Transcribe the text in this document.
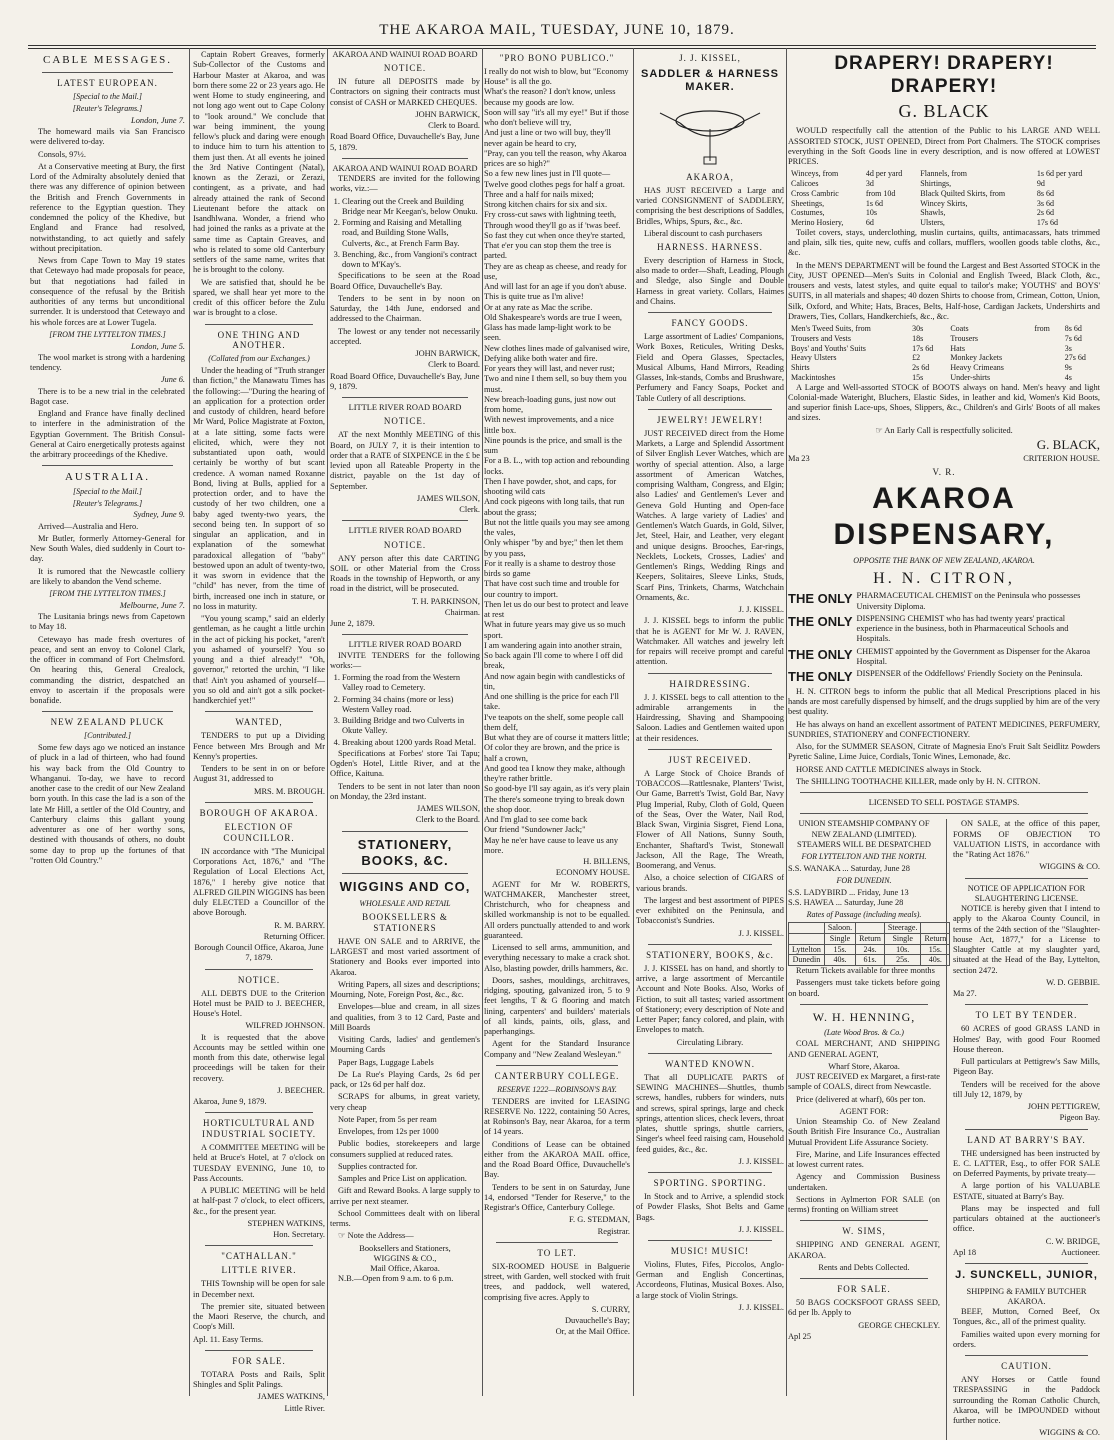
THE AKAROA MAIL, TUESDAY, JUNE 10, 1879.
CABLE MESSAGES.
LATEST EUROPEAN.
[Special to the Mail.]
[Reuter's Telegrams.]
London, June 7.

The homeward mails via San Francisco were delivered to-day.

Consols, 97½.

At a Conservative meeting at Bury, the first Lord of the Admiralty absolutely denied that there was any difference of opinion between the British and French Governments in reference to the Egyptian question. They condemned the policy of the Khedive, but England and France had resolved, notwithstanding, to act quietly and safely without precipitation.

News from Cape Town to May 19 states that Cetewayo had made proposals for peace, but that negotiations had failed in consequence of the refusal by the British authorities of any terms but unconditional surrender. It is understood that Cetewayo and his whole forces are at Lower Tugela.

[FROM THE LYTTELTON TIMES.]
London, June 5.

The wool market is strong with a hardening tendency.

June 6.

There is to be a new trial in the celebrated Bagot case.

England and France have finally declined to interfere in the administration of the Egyptian Government. The British Consul-General at Cairo energetically protests against the arbitrary proceedings of the Khedive.

AUSTRALIA.
[Special to the Mail.]
[Reuter's Telegrams.]
Sydney, June 9.

Arrived—Australia and Hero.

Mr Butler, formerly Attorney-General for New South Wales, died suddenly in Court to-day.

It is rumored that the Newcastle colliery are likely to abandon the Vend scheme.

[FROM THE LYTTELTON TIMES.]
Melbourne, June 7.

The Lusitania brings news from Capetown to May 18.

Cetewayo has made fresh overtures of peace, and sent an envoy to Colonel Clark, the officer in command of Fort Chelmsford. On hearing this, General Crealock, commanding the district, despatched an envoy to ascertain if the proposals were bonafide.

NEW ZEALAND PLUCK
[Contributed.]

Some few days ago we noticed an instance of pluck in a lad of thirteen, who had found his way back from the Old Country to Whanganui. To-day, we have to record another case to the credit of our New Zealand born youth. In this case the lad is a son of the late Mr Hill, a settler of the Old Country, and Canterbury claims this gallant young adventurer as one of her worthy sons, destined with thousands of others, no doubt some day to prop up the fortunes of that "rotten Old Country."

Captain Robert Greaves, formerly Sub-Collector of the Customs and Harbour Master at Akaroa, and was born there some 22 or 23 years ago. He went Home to study engineering, and not long ago went out to Cape Colony to "look around." We conclude that war being imminent, the young fellow's pluck and daring were enough to induce him to turn his attention to them just then. At all events he joined the 3rd Native Contingent (Natal), known as the Zerazi, or Zerazi, contingent, as a private, and had already attained the rank of Second Lieutenant before the attack on Isandhlwana. Wonder, a friend who had joined the ranks as a private at the same time as Captain Greaves, and who is related to some old Canterbury settlers of the same name, writes that he is brought to the colony.

We are satisfied that, should he be spared, we shall hear yet more to the credit of this officer before the Zulu war is brought to a close.

ONE THING AND ANOTHER.
(Collated from our Exchanges.)

Under the heading of "Truth stranger than fiction," the Manawatu Times has the following:—"During the hearing of an application for a protection order and custody of children, heard before Mr Ward, Police Magistrate at Foxton, at a late sitting, some facts were elicited, which, were they not substantiated upon oath, would certainly be worthy of but scant credence. A woman named Roxanne Bond, living at Bulls, applied for a protection order, and to have the custody of her two children, one a baby aged twenty-two years, the second being ten. In support of so singular an application, and in explanation of the somewhat paradoxical allegation of "baby" bestowed upon an adult of twenty-two, it was sworn in evidence that the "child" has never, from the time of birth, increased one inch in stature, or no loss in maturity.

"You young scamp," said an elderly gentleman, as he caught a little urchin in the act of picking his pocket, "aren't you ashamed of yourself? You so young and a thief already!" "Oh, governor," retorted the urchin, "I like that! Ain't you ashamed of yourself—you so old and ain't got a silk pocket-handkerchief yet!"

WANTED,

TENDERS to put up a Dividing Fence between Mrs Brough and Mr Kenny's properties.

Tenders to be sent in on or before August 31, addressed to

MRS. M. BROUGH.
BOROUGH OF AKAROA.
ELECTION OF COUNCILLOR.

IN accordance with "The Municipal Corporations Act, 1876," and "The Regulation of Local Elections Act, 1876," I hereby give notice that ALFRED GILPIN WIGGINS has been duly ELECTED a Councillor of the above Borough.

R. M. BARRY.
Returning Officer.
Borough Council Office, Akaroa, June 7, 1879.
NOTICE.

ALL DEBTS DUE to the Criterion Hotel must be PAID to J. BEECHER, House's Hotel.

WILFRED JOHNSON.

It is requested that the above Accounts may be settled within one month from this date, otherwise legal proceedings will be taken for their recovery.

J. BEECHER.
Akaroa, June 9, 1879.
HORTICULTURAL AND INDUSTRIAL SOCIETY.

A COMMITTEE MEETING will be held at Bruce's Hotel, at 7 o'clock on TUESDAY EVENING, June 10, to Pass Accounts.

A PUBLIC MEETING will be held at half-past 7 o'clock, to elect officers, &c., for the present year.

STEPHEN WATKINS,
Hon. Secretary.
"CATHALLAN."
LITTLE RIVER.

THIS Township will be open for sale in December next.

The premier site, situated between the Maori Reserve, the church, and Coop's Mill.

Apl. 11. Easy Terms.
FOR SALE.

TOTARA Posts and Rails, Split Shingles and Split Palings.

JAMES WATKINS,
Little River.
AKAROA AND WAINUI ROAD BOARD
NOTICE.

IN future all DEPOSITS made by Contractors on signing their contracts must consist of CASH or MARKED CHEQUES.

JOHN BARWICK,
Clerk to Board.
Road Board Office, Duvauchelle's Bay, June 5, 1879.
AKAROA AND WAINUI ROAD BOARD

TENDERS are invited for the following works, viz.:—

1. Clearing out the Creek and Building Bridge near Mr Keegan's, below Onuku.
2. Forming and Raising and Metalling road, and Building Stone Walls, Culverts, &c., at French Farm Bay.
3. Benching, &c., from Vangioni's contract down to M'Kay's.

Specifications to be seen at the Road Board Office, Duvauchelle's Bay.

Tenders to be sent in by noon on Saturday, the 14th June, endorsed and addressed to the Chairman.

The lowest or any tender not necessarily accepted.

JOHN BARWICK,
Clerk to Board.
Road Board Office, Duvauchelle's Bay, June 9, 1879.
LITTLE RIVER ROAD BOARD
NOTICE.

AT the next Monthly MEETING of this Board, on JULY 7, it is their intention to order that a RATE of SIXPENCE in the £ be levied upon all Rateable Property in the district, payable on the 1st day of September.

JAMES WILSON,
Clerk.
LITTLE RIVER ROAD BOARD
NOTICE.

ANY person after this date CARTING SOIL or other Material from the Cross Roads in the township of Hepworth, or any road in the district, will be prosecuted.

T. H. PARKINSON,
Chairman.
June 2, 1879.
LITTLE RIVER ROAD BOARD

INVITE TENDERS for the following works:—

1. Forming the road from the Western Valley road to Cemetery.
2. Forming 34 chains (more or less) Western Valley road.
3. Building Bridge and two Culverts in Okute Valley.
4. Breaking about 1200 yards Road Metal.

Specifications at Forbes' store Tai Tapu; Ogden's Hotel, Little River, and at the Office, Kaituna.

Tenders to be sent in not later than noon on Monday, the 23rd instant.

JAMES WILSON,
Clerk to the Board.
STATIONERY, BOOKS, &C.
WIGGINS AND CO,
WHOLESALE AND RETAIL
BOOKSELLERS & STATIONERS

HAVE ON SALE and to ARRIVE, the LARGEST and most varied assortment of Stationery and Books ever imported into Akaroa.

Writing Papers, all sizes and descriptions; Mourning, Note, Foreign Post, &c., &c.

Envelopes—blue and cream, in all sizes and qualities, from 3 to 12 Card, Paste and Mill Boards

Visiting Cards, ladies' and gentlemen's Mourning Cards

Paper Bags, Luggage Labels

De La Rue's Playing Cards, 2s 6d per pack, or 12s 6d per half doz.

SCRAPS for albums, in great variety, very cheap

Note Paper, from 5s per ream

Envelopes, from 12s per 1000

Public bodies, storekeepers and large consumers supplied at reduced rates.

Supplies contracted for.

Samples and Price List on application.

Gift and Reward Books. A large supply to arrive per next steamer.

School Committees dealt with on liberal terms.

☞ Note the Address—

Booksellers and Stationers,
WIGGINS & CO.,
Mail Office, Akaroa.

N.B.—Open from 9 a.m. to 6 p.m.

"PRO BONO PUBLICO."
I really do not wish to blow, but "Economy House" is all the go.
What's the reason? I don't know, unless because my goods are low.
Soon will say "it's all my eye!" But if those who don't believe will try,
And just a line or two will buy, they'll never again be heard to cry,
"Pray, can you tell the reason, why Akaroa prices are so high?"
So a few new lines just in I'll quote—
Twelve good clothes pegs for half a groat.
Three and a half for nails mixed;
Strong kitchen chairs for six and six.
Fry cross-cut saws with lightning teeth,
Through wood they'll go as if 'twas beef.
So fast they cut when once they're started,
That e'er you can stop them the tree is parted.
They are as cheap as cheese, and ready for use,
And will last for an age if you don't abuse.
This is quite true as I'm alive!
Or at any rate as Mac the scribe.
Old Shakespeare's words are true I ween,
Glass has made lamp-light work to be seen.
New clothes lines made of galvanised wire,
Defying alike both water and fire.
For years they will last, and never rust;
Two and nine I them sell, so buy them you must.
New breach-loading guns, just now out from home,
With newest improvements, and a nice little box.
Nine pounds is the price, and small is the sum
For a B. L., with top action and rebounding locks.
Then I have powder, shot, and caps, for shooting wild cats
And cock pigeons with long tails, that run about the grass;
But not the little quails you may see among the vales,
Only whisper "by and bye;" then let them by you pass,
For it really is a shame to destroy those birds so game
That have cost such time and trouble for our country to import.
Then let us do our best to protect and leave at rest
What in future years may give us so much sport.
I am wandering again into another strain,
So back again I'll come to where I off did break,
And now again begin with candlesticks of tin,
And one shilling is the price for each I'll take.
I've teapots on the shelf, some people call them delf,
But what they are of course it matters little;
Of color they are brown, and the price is half a crown,
And good tea I know they make, although they're rather brittle.
So good-bye I'll say again, as it's very plain
The there's someone trying to break down the shop door.
And I'm glad to see come back
Our friend "Sundowner Jack;"
May he ne'er have cause to leave us any more.
H. BILLENS,
ECONOMY HOUSE.

AGENT for Mr W. ROBERTS, WATCHMAKER, Manchester street, Christchurch, who for cheapness and skilled workmanship is not to be equalled. All orders punctually attended to and work guaranteed.

Licensed to sell arms, ammunition, and everything necessary to make a crack shot. Also, blasting powder, drills hammers, &c.

Doors, sashes, mouldings, architraves, ridging, spouting, galvanized iron, 5 to 9 feet lengths, T & G flooring and match lining, carpenters' and builders' materials of all kinds, paints, oils, glass, and paperhangings.

Agent for the Standard Insurance Company and "New Zealand Wesleyan."

CANTERBURY COLLEGE.
RESERVE 1222—ROBINSON'S BAY.

TENDERS are invited for LEASING RESERVE No. 1222, containing 50 Acres, at Robinson's Bay, near Akaroa, for a term of 14 years.

Conditions of Lease can be obtained either from the AKAROA MAIL office, and the Road Board Office, Duvauchelle's Bay.

Tenders to be sent in on Saturday, June 14, endorsed "Tender for Reserve," to the Registrar's Office, Canterbury College.

F. G. STEDMAN,
Registrar.
TO LET.

SIX-ROOMED HOUSE in Balguerie street, with Garden, well stocked with fruit trees, and paddock, well watered, comprising five acres. Apply to

S. CURRY,
Duvauchelle's Bay;
Or, at the Mail Office.
J. J. KISSEL,
SADDLER & HARNESS MAKER.
AKAROA,

HAS JUST RECEIVED a Large and varied CONSIGNMENT of SADDLERY, comprising the best descriptions of Saddles, Bridles, Whips, Spurs, &c., &c.

Liberal discount to cash purchasers

HARNESS. HARNESS.

Every description of Harness in Stock, also made to order—Shaft, Leading, Plough and Sledge, also Single and Double Harness in great variety. Collars, Haimes and Chains.

FANCY GOODS.

Large assortment of Ladies' Companions, Work Boxes, Reticules, Writing Desks, Field and Opera Glasses, Spectacles, Musical Albums, Hand Mirrors, Reading Glasses, Ink-stands, Combs and Brushware, Perfumery and Fancy Soaps, Pocket and Table Cutlery of all descriptions.

JEWELRY! JEWELRY!

JUST RECEIVED direct from the Home Markets, a Large and Splendid Assortment of Silver English Lever Watches, which are worthy of special attention. Also, a large assortment of American Watches, comprising Waltham, Congress, and Elgin; also Ladies' and Gentlemen's Lever and Geneva Gold Hunting and Open-face Watches. A large variety of Ladies' and Gentlemen's Watch Guards, in Gold, Silver, Jet, Steel, Hair, and Leather, very elegant and unique designs. Brooches, Ear-rings, Necklets, Lockets, Crosses, Ladies' and Gentlemen's Rings, Wedding Rings and Keepers, Solitaires, Sleeve Links, Studs, Scarf Pins, Trinkets, Charms, Watchchain Ornaments, &c.

J. J. KISSEL.

J. J. KISSEL begs to inform the public that he is AGENT for Mr W. J. RAVEN, Watchmaker. All watches and jewelry left for repairs will receive prompt and careful attention.

HAIRDRESSING.

J. J. KISSEL begs to call attention to the admirable arrangements in the Hairdressing, Shaving and Shampooing Saloon. Ladies and Gentlemen waited upon at their residences.

JUST RECEIVED.

A Large Stock of Choice Brands of TOBACCOS—Rattlesnake, Planters' Twist, Our Game, Barrett's Twist, Gold Bar, Navy Plug Imperial, Ruby, Cloth of Gold, Queen of the Seas, Over the Water, Nail Rod, Black Swan, Virginia Sisgret, Fiend Lona, Flower of All Nations, Sunny South, Enchanter, Shaftard's Twist, Stonewall Jackson, All the Rage, The Wreath, Boomerang, and Venus.

Also, a choice selection of CIGARS of various brands.

The largest and best assortment of PIPES ever exhibited on the Peninsula, and Tobacconist's Sundries.

J. J. KISSEL.
STATIONERY, BOOKS, &c.

J. J. KISSEL has on hand, and shortly to arrive, a large assortment of Mercantile Account and Note Books. Also, Works of Fiction, to suit all tastes; varied assortment of Stationery; every description of Note and Letter Paper; fancy colored, and plain, with Envelopes to match.

Circulating Library.
WANTED KNOWN.

That all DUPLICATE PARTS of SEWING MACHINES—Shuttles, thumb screws, handles, rubbers for winders, nuts and screws, spiral springs, large and check springs, attention slices, check levers, throat plates, shuttle springs, shuttle carriers, Singer's wheel feed raising cam, Household feed guides, &c., &c.

J. J. KISSEL.
SPORTING. SPORTING.

In Stock and to Arrive, a splendid stock of Powder Flasks, Shot Belts and Game Bags.

J. J. KISSEL.
MUSIC! MUSIC!

Violins, Flutes, Fifes, Piccolos, Anglo-German and English Concertinas, Accordeons, Flutinas, Musical Boxes. Also, a large stock of Violin Strings.

J. J. KISSEL.
DRAPERY! DRAPERY! DRAPERY!
G. BLACK

WOULD respectfully call the attention of the Public to his LARGE AND WELL ASSORTED STOCK, JUST OPENED, Direct from Port Chalmers. The STOCK comprises everything in the Soft Goods line in every description, and is now offered at LOWEST PRICES.

Winceys, from	4d per yard	Flannels, from	1s 6d per yard
Calicoes	3d	Shirtings,	9d
Cross Cambric	from 10d	Black Quilted Skirts, from	8s 6d
Sheetings,	1s 6d	Wincey Skirts,	3s 6d
Costumes,	10s	Shawls,	2s 6d
Merino Hosiery,	6d	Ulsters,	17s 6d

Toilet covers, stays, underclothing, muslin curtains, quilts, antimacassars, hats trimmed and plain, silk ties, quite new, cuffs and collars, mufflers, woollen goods table cloths, &c., &c.

In the MEN'S DEPARTMENT will be found the Largest and Best Assorted STOCK in the City, JUST OPENED—Men's Suits in Colonial and English Tweed, Black Cloth, &c., trousers and vests, latest styles, and quite equal to tailor's make; YOUTHS' and BOYS' SUITS, in all materials and shapes; 40 dozen Shirts to choose from, Crimean, Cotton, Union, Silk, Oxford, and White; Hats, Braces, Belts, Half-hose, Cardigan Jackets, Undershirts and Drawers, Ties, Collars, Handkerchiefs, &c., &c.

Men's Tweed Suits, from	30s	Coats	from	8s 6d
Trousers and Vests	18s	Trousers		7s 6d
Boys' and Youths' Suits	17s 6d	Hats		3s
Heavy Ulsters	£2	Monkey Jackets		27s 6d
Shirts	2s 6d	Heavy Crimeans		9s
Mackintoshes	15s	Under-shirts		4s

A Large and Well-assorted STOCK of BOOTS always on hand. Men's heavy and light Colonial-made Wateright, Bluchers, Elastic Sides, in leather and kid, Women's Kid Boots, and superior finish Lace-ups, Shoes, Slippers, &c., Children's and Girls' Boots of all makes and sizes.

☞ An Early Call is respectfully solicited.
G. BLACK,
Ma 23	CRITERION HOUSE.
V. R.
AKAROA DISPENSARY,
OPPOSITE THE BANK OF NEW ZEALAND, AKAROA.
H. N. CITRON,
THE ONLY PHARMACEUTICAL CHEMIST on the Peninsula who possesses University Diploma.
THE ONLY DISPENSING CHEMIST who has had twenty years' practical experience in the business, both in Pharmaceutical Schools and Hospitals.
THE ONLY CHEMIST appointed by the Government as Dispenser for the Akaroa Hospital.
THE ONLY DISPENSER of the Oddfellows' Friendly Society on the Peninsula.

H. N. CITRON begs to inform the public that all Medical Prescriptions placed in his hands are most carefully dispensed by himself, and the drugs supplied by him are of the very best quality.

He has always on hand an excellent assortment of PATENT MEDICINES, PERFUMERY, SUNDRIES, STATIONERY and CONFECTIONERY.

Also, for the SUMMER SEASON, Citrate of Magnesia Eno's Fruit Salt Seidlitz Powders Pyretic Saline, Lime Juice, Cordials, Tonic Wines, Lemonade, &c.

HORSE AND CATTLE MEDICINES always in Stock.

The SHILLING TOOTHACHE KILLER, made only by H. N. CITRON.

LICENSED TO SELL POSTAGE STAMPS.
UNION STEAMSHIP COMPANY OF NEW ZEALAND (LIMITED).
STEAMERS WILL BE DESPATCHED
FOR LYTTELTON AND THE NORTH.
S.S. WANAKA ... Saturday, June 28
FOR DUNEDIN.
S.S. LADYBIRD ... Friday, June 13
S.S. HAWEA ... Saturday, June 28
Rates of Passage (including meals).
	Saloon.		Steerage.	
	Single	Return	Single	Return
Lyttelton	15s.	24s.	10s.	15s.
Dunedin	40s.	61s.	25s.	40s.

Return Tickets available for three months

Passengers must take tickets before going on board.

W. H. HENNING,
(Late Wood Bros. & Co.)

COAL MERCHANT, AND SHIPPING AND GENERAL AGENT,

Wharf Store, Akaroa.

JUST RECEIVED ex Margaret, a first-rate sample of COALS, direct from Newcastle.

Price (delivered at wharf), 60s per ton.

AGENT FOR:

Union Steamship Co. of New Zealand South British Fire Insurance Co., Australian Mutual Provident Life Assurance Society.

Fire, Marine, and Life Insurances effected at lowest current rates.

Agency and Commission Business undertaken.

Sections in Aylmerton FOR SALE (on terms) fronting on William street

W. SIMS,

SHIPPING AND GENERAL AGENT, AKAROA.

Rents and Debts Collected.
FOR SALE.

50 BAGS COCKSFOOT GRASS SEED, 6d per lb. Apply to

GEORGE CHECKLEY.
Apl 25

ON SALE, at the office of this paper, FORMS OF OBJECTION TO VALUATION LISTS, in accordance with the "Rating Act 1876."

WIGGINS & CO.
NOTICE OF APPLICATION FOR SLAUGHTERING LICENSE.

NOTICE is hereby given that I intend to apply to the Akaroa County Council, in terms of the 24th section of the "Slaughter-house Act, 1877," for a License to Slaughter Cattle at my slaughter yard, situated at the Head of the Bay, Lyttelton, section 2472.

W. D. GEBBIE.
Ma 27.
TO LET BY TENDER.

60 ACRES of good GRASS LAND in Holmes' Bay, with good Four Roomed House thereon.

Full particulars at Pettigrew's Saw Mills, Pigeon Bay.

Tenders will be received for the above till July 12, 1879, by

JOHN PETTIGREW,
Pigeon Bay.
LAND AT BARRY'S BAY.

THE undersigned has been instructed by E. C. LATTER, Esq., to offer FOR SALE on Deferred Payments, by private treaty—

A large portion of his VALUABLE ESTATE, situated at Barry's Bay.

Plans may be inspected and full particulars obtained at the auctioneer's office.

C. W. BRIDGE,
Apl 18	Auctioneer.
J. SUNCKELL, JUNIOR,
SHIPPING & FAMILY BUTCHER
AKAROA.

BEEF, Mutton, Corned Beef, Ox Tongues, &c., all of the primest quality.

Families waited upon every morning for orders.

CAUTION.

ANY Horses or Cattle found TRESPASSING in the Paddock surrounding the Roman Catholic Church, Akaroa, will be IMPOUNDED without further notice.

WIGGINS & CO.
